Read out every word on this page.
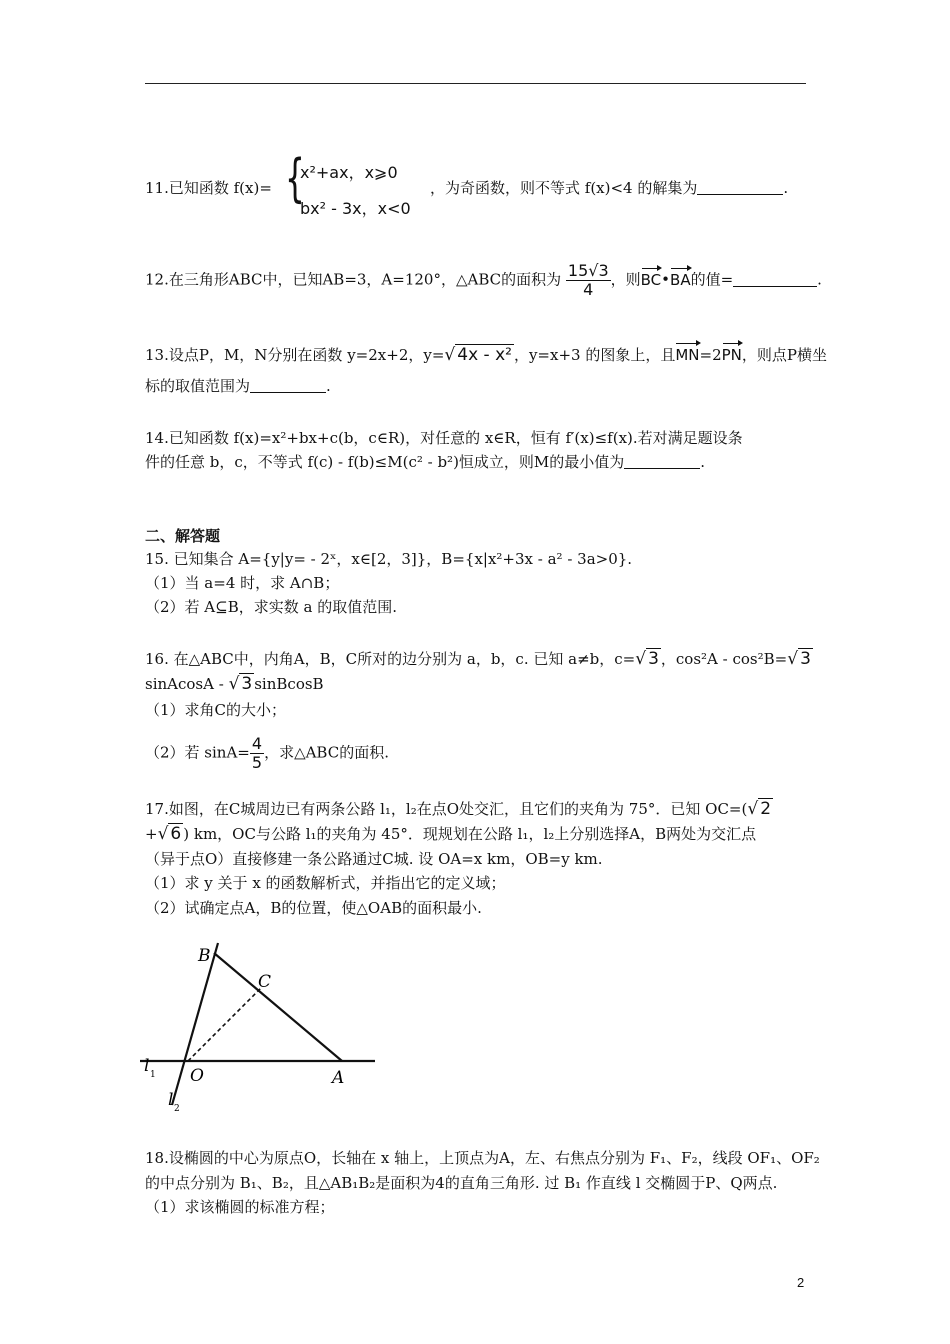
11.已知函数 f(x)= {
x²+ax，x⩾0
bx² - 3x，x<0
，为奇函数，则不等式 f(x)<4 的解集为	.
12.在三角形ABC中，已知AB=3，A=120°，△ABC的面积为 $\frac{15√3}{4}$ ，则BC•BA的值=	.
13.设点P，M，N分别在函数 y=2x+2，y=√ 4x - x² ，y=x+3 的图象上，且MN=2PN，则点P横坐
标的取值范围为	.
14.已知函数 f(x)=x²+bx+c(b，c∈R)，对任意的 x∈R，恒有 f′(x)≤f(x).若对满足题设条
件的任意 b，c，不等式 f(c) - f(b)≤M(c² - b²)恒成立，则M的最小值为	.
二、解答题
15. 已知集合 A={y|y= - 2ˣ，x∈[2，3]}，B={x|x²+3x - a² - 3a>0}.
（1）当 a=4 时，求 A∩B；
（2）若 A⊆B，求实数 a 的取值范围.
16. 在△ABC中，内角A，B，C所对的边分别为 a，b，c. 已知 a≠b，c=√ 3 ，cos²A - cos²B=√ 3
sinAcosA - √ 3 sinBcosB
（1）求角C的大小；
（2）若 $\sin A= \frac{4}{5}$ ，求△ABC的面积.
17.如图，在C城周边已有两条公路 l₁，l₂在点O处交汇，且它们的夹角为 75°．已知 OC=(√ 2
+√ 6 ) km，OC与公路 l₁的夹角为 45°．现规划在公路 l₁，l₂上分别选择A，B两处为交汇点
（异于点O）直接修建一条公路通过C城. 设 OA=x km，OB=y km.
（1）求 y 关于 x 的函数解析式，并指出它的定义域；
（2）试确定点A，B的位置，使△OAB的面积最小.
B
C
O	A
l 1
l 2
18.设椭圆的中心为原点O，长轴在 x 轴上，上顶点为A，左、右焦点分别为 F₁、F₂，线段 OF₁、OF₂
的中点分别为 B₁、B₂，且△AB₁B₂是面积为4的直角三角形. 过 B₁ 作直线 l 交椭圆于P、Q两点.
（1）求该椭圆的标准方程；
2
